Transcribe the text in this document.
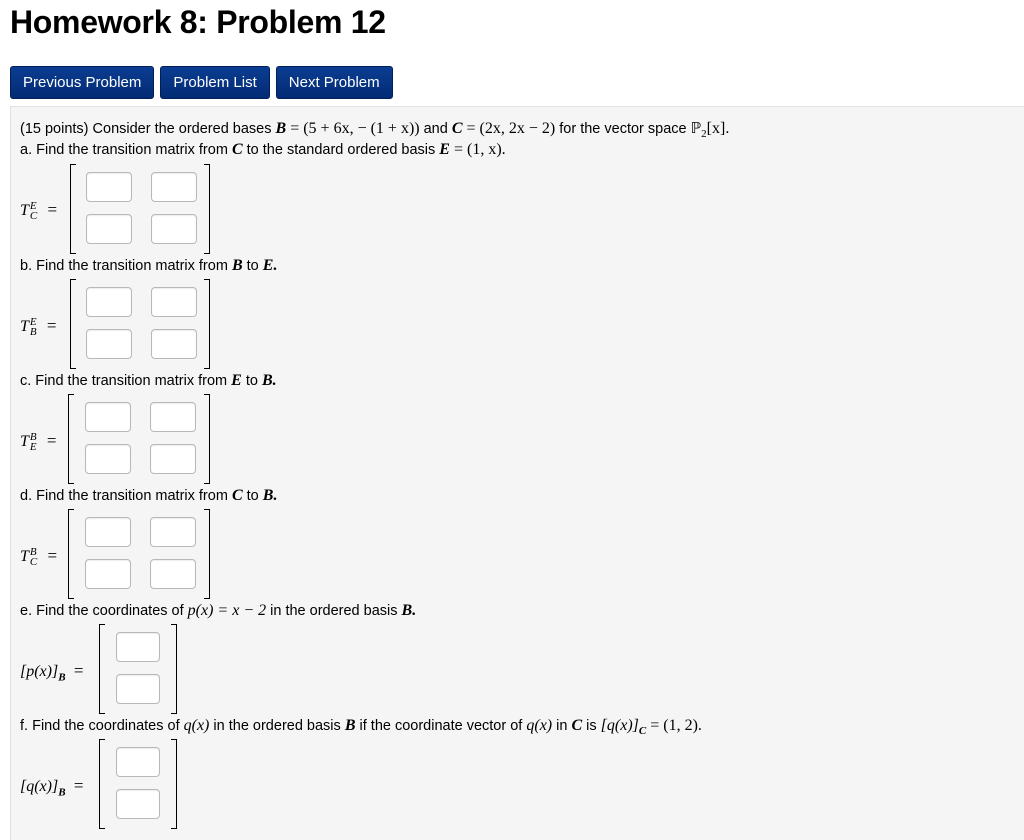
Homework 8: Problem 12
Previous Problem	Problem List	Next Problem
(15 points) Consider the ordered bases B = (5 + 6x, − (1 + x)) and C = (2x, 2x − 2) for the vector space ℙ$_2$[x].
a. Find the transition matrix from C to the standard ordered basis E = (1, x).
T E
C =
b. Find the transition matrix from B to E.
T E
B =
c. Find the transition matrix from E to B.
T B
E =
d. Find the transition matrix from C to B.
T B
C =
e. Find the coordinates of p(x) = x − 2 in the ordered basis B.
$[p(x)]_B$ =
f. Find the coordinates of q(x) in the ordered basis B if the coordinate vector of q(x) in C is $[q(x)]_C = (1$, 2).
$[q(x)]_B$ =
